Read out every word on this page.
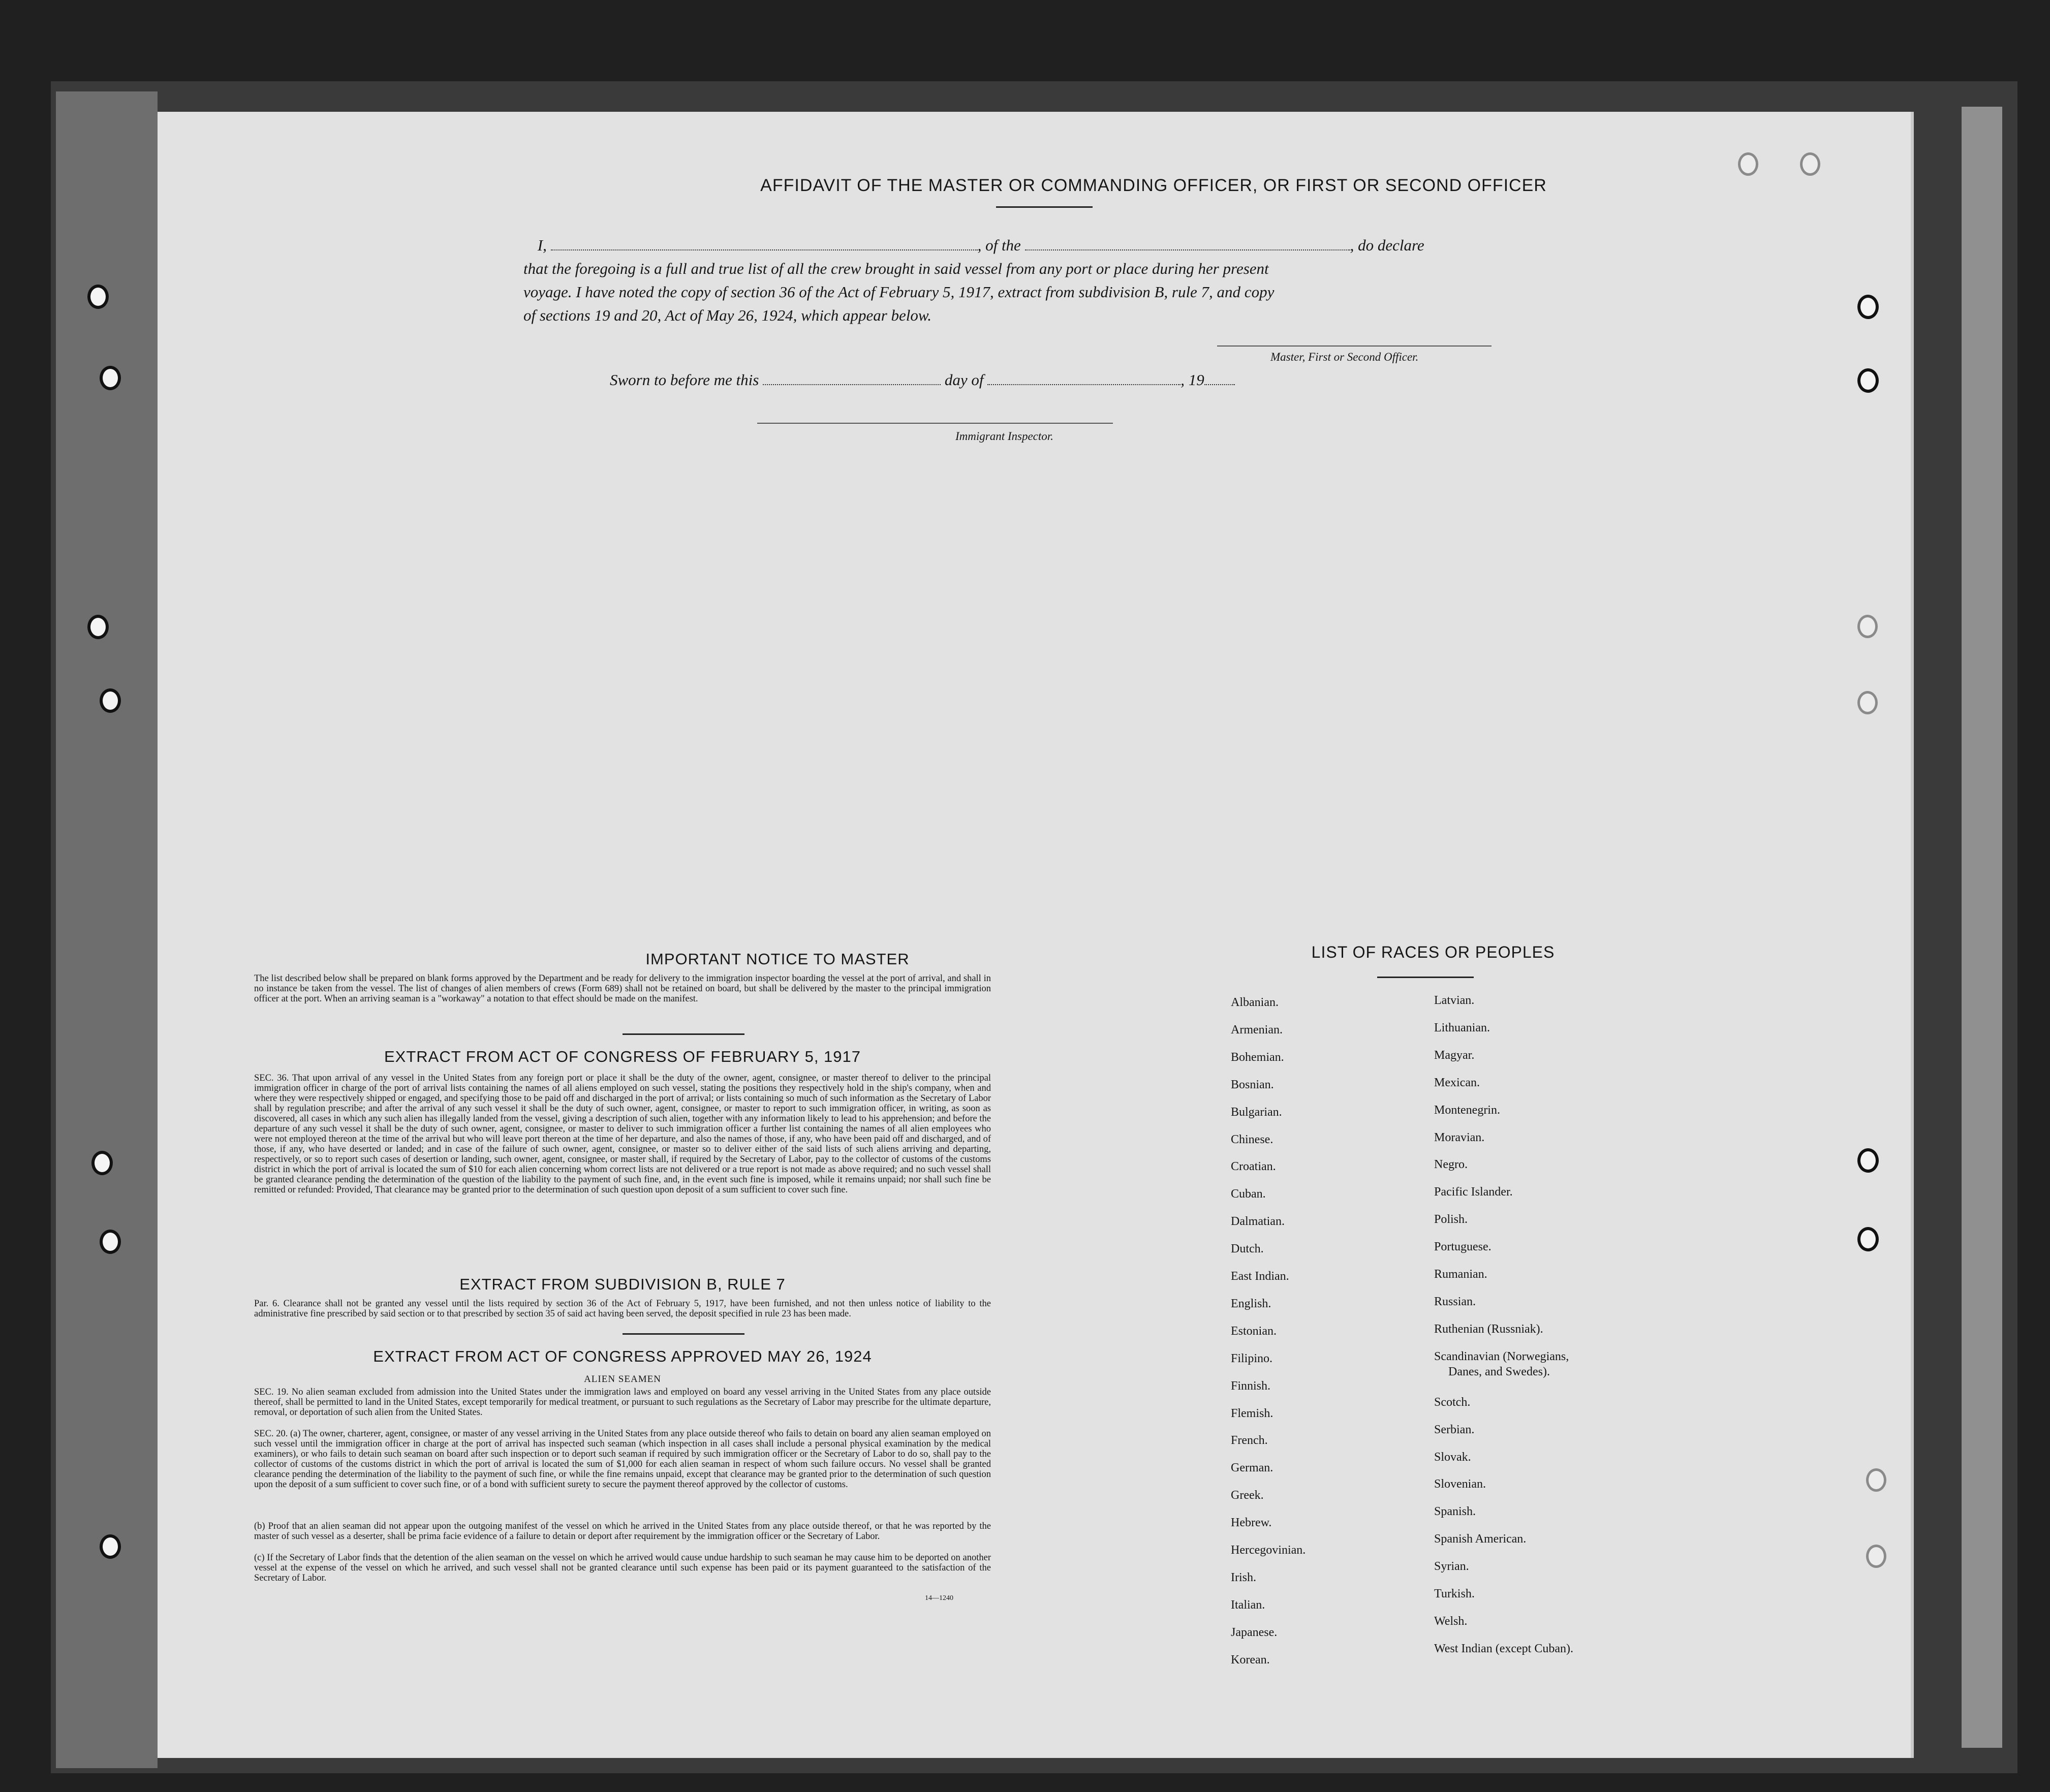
AFFIDAVIT OF THE MASTER OR COMMANDING OFFICER, OR FIRST OR SECOND OFFICER
I,	, of the	, do declare
that the foregoing is a full and true list of all the crew brought in said vessel from any port or place during her present
voyage. I have noted the copy of section 36 of the Act of February 5, 1917, extract from subdivision B, rule 7, and copy
of sections 19 and 20, Act of May 26, 1924, which appear below.
Master, First or Second Officer.
Sworn to before me this	day of	, 19
Immigrant Inspector.
IMPORTANT NOTICE TO MASTER
The list described below shall be prepared on blank forms approved by the Department and be ready for delivery to the immigration inspector boarding the vessel at the port of arrival, and shall in no instance be taken from the vessel. The list of changes of alien members of crews (Form 689) shall not be retained on board, but shall be delivered by the master to the principal immigration officer at the port. When an arriving seaman is a "workaway" a notation to that effect should be made on the manifest.
EXTRACT FROM ACT OF CONGRESS OF FEBRUARY 5, 1917
SEC. 36. That upon arrival of any vessel in the United States from any foreign port or place it shall be the duty of the owner, agent, consignee, or master thereof to deliver to the principal immigration officer in charge of the port of arrival lists containing the names of all aliens employed on such vessel, stating the positions they respectively hold in the ship's company, when and where they were respectively shipped or engaged, and specifying those to be paid off and discharged in the port of arrival; or lists containing so much of such information as the Secretary of Labor shall by regulation prescribe; and after the arrival of any such vessel it shall be the duty of such owner, agent, consignee, or master to report to such immigration officer, in writing, as soon as discovered, all cases in which any such alien has illegally landed from the vessel, giving a description of such alien, together with any information likely to lead to his apprehension; and before the departure of any such vessel it shall be the duty of such owner, agent, consignee, or master to deliver to such immigration officer a further list containing the names of all alien employees who were not employed thereon at the time of the arrival but who will leave port thereon at the time of her departure, and also the names of those, if any, who have been paid off and discharged, and of those, if any, who have deserted or landed; and in case of the failure of such owner, agent, consignee, or master so to deliver either of the said lists of such aliens arriving and departing, respectively, or so to report such cases of desertion or landing, such owner, agent, consignee, or master shall, if required by the Secretary of Labor, pay to the collector of customs of the customs district in which the port of arrival is located the sum of $10 for each alien concerning whom correct lists are not delivered or a true report is not made as above required; and no such vessel shall be granted clearance pending the determination of the question of the liability to the payment of such fine, and, in the event such fine is imposed, while it remains unpaid; nor shall such fine be remitted or refunded: Provided, That clearance may be granted prior to the determination of such question upon deposit of a sum sufficient to cover such fine.
EXTRACT FROM SUBDIVISION B, RULE 7
Par. 6. Clearance shall not be granted any vessel until the lists required by section 36 of the Act of February 5, 1917, have been furnished, and not then unless notice of liability to the administrative fine prescribed by said section or to that prescribed by section 35 of said act having been served, the deposit specified in rule 23 has been made.
EXTRACT FROM ACT OF CONGRESS APPROVED MAY 26, 1924
ALIEN SEAMEN
SEC. 19. No alien seaman excluded from admission into the United States under the immigration laws and employed on board any vessel arriving in the United States from any place outside thereof, shall be permitted to land in the United States, except temporarily for medical treatment, or pursuant to such regulations as the Secretary of Labor may prescribe for the ultimate departure, removal, or deportation of such alien from the United States.
SEC. 20. (a) The owner, charterer, agent, consignee, or master of any vessel arriving in the United States from any place outside thereof who fails to detain on board any alien seaman employed on such vessel until the immigration officer in charge at the port of arrival has inspected such seaman (which inspection in all cases shall include a personal physical examination by the medical examiners), or who fails to detain such seaman on board after such inspection or to deport such seaman if required by such immigration officer or the Secretary of Labor to do so, shall pay to the collector of customs of the customs district in which the port of arrival is located the sum of $1,000 for each alien seaman in respect of whom such failure occurs. No vessel shall be granted clearance pending the determination of the liability to the payment of such fine, or while the fine remains unpaid, except that clearance may be granted prior to the determination of such question upon the deposit of a sum sufficient to cover such fine, or of a bond with sufficient surety to secure the payment thereof approved by the collector of customs.
(b) Proof that an alien seaman did not appear upon the outgoing manifest of the vessel on which he arrived in the United States from any place outside thereof, or that he was reported by the master of such vessel as a deserter, shall be prima facie evidence of a failure to detain or deport after requirement by the immigration officer or the Secretary of Labor.
(c) If the Secretary of Labor finds that the detention of the alien seaman on the vessel on which he arrived would cause undue hardship to such seaman he may cause him to be deported on another vessel at the expense of the vessel on which he arrived, and such vessel shall not be granted clearance until such expense has been paid or its payment guaranteed to the satisfaction of the Secretary of Labor.
14—1240
LIST OF RACES OR PEOPLES
Albanian.
Armenian.
Bohemian.
Bosnian.
Bulgarian.
Chinese.
Croatian.
Cuban.
Dalmatian.
Dutch.
East Indian.
English.
Estonian.
Filipino.
Finnish.
Flemish.
French.
German.
Greek.
Hebrew.
Hercegovinian.
Irish.
Italian.
Japanese.
Korean.
Latvian.
Lithuanian.
Magyar.
Mexican.
Montenegrin.
Moravian.
Negro.
Pacific Islander.
Polish.
Portuguese.
Rumanian.
Russian.
Ruthenian (Russniak).
Scandinavian (Norwegians,
Danes, and Swedes).
Scotch.
Serbian.
Slovak.
Slovenian.
Spanish.
Spanish American.
Syrian.
Turkish.
Welsh.
West Indian (except Cuban).
